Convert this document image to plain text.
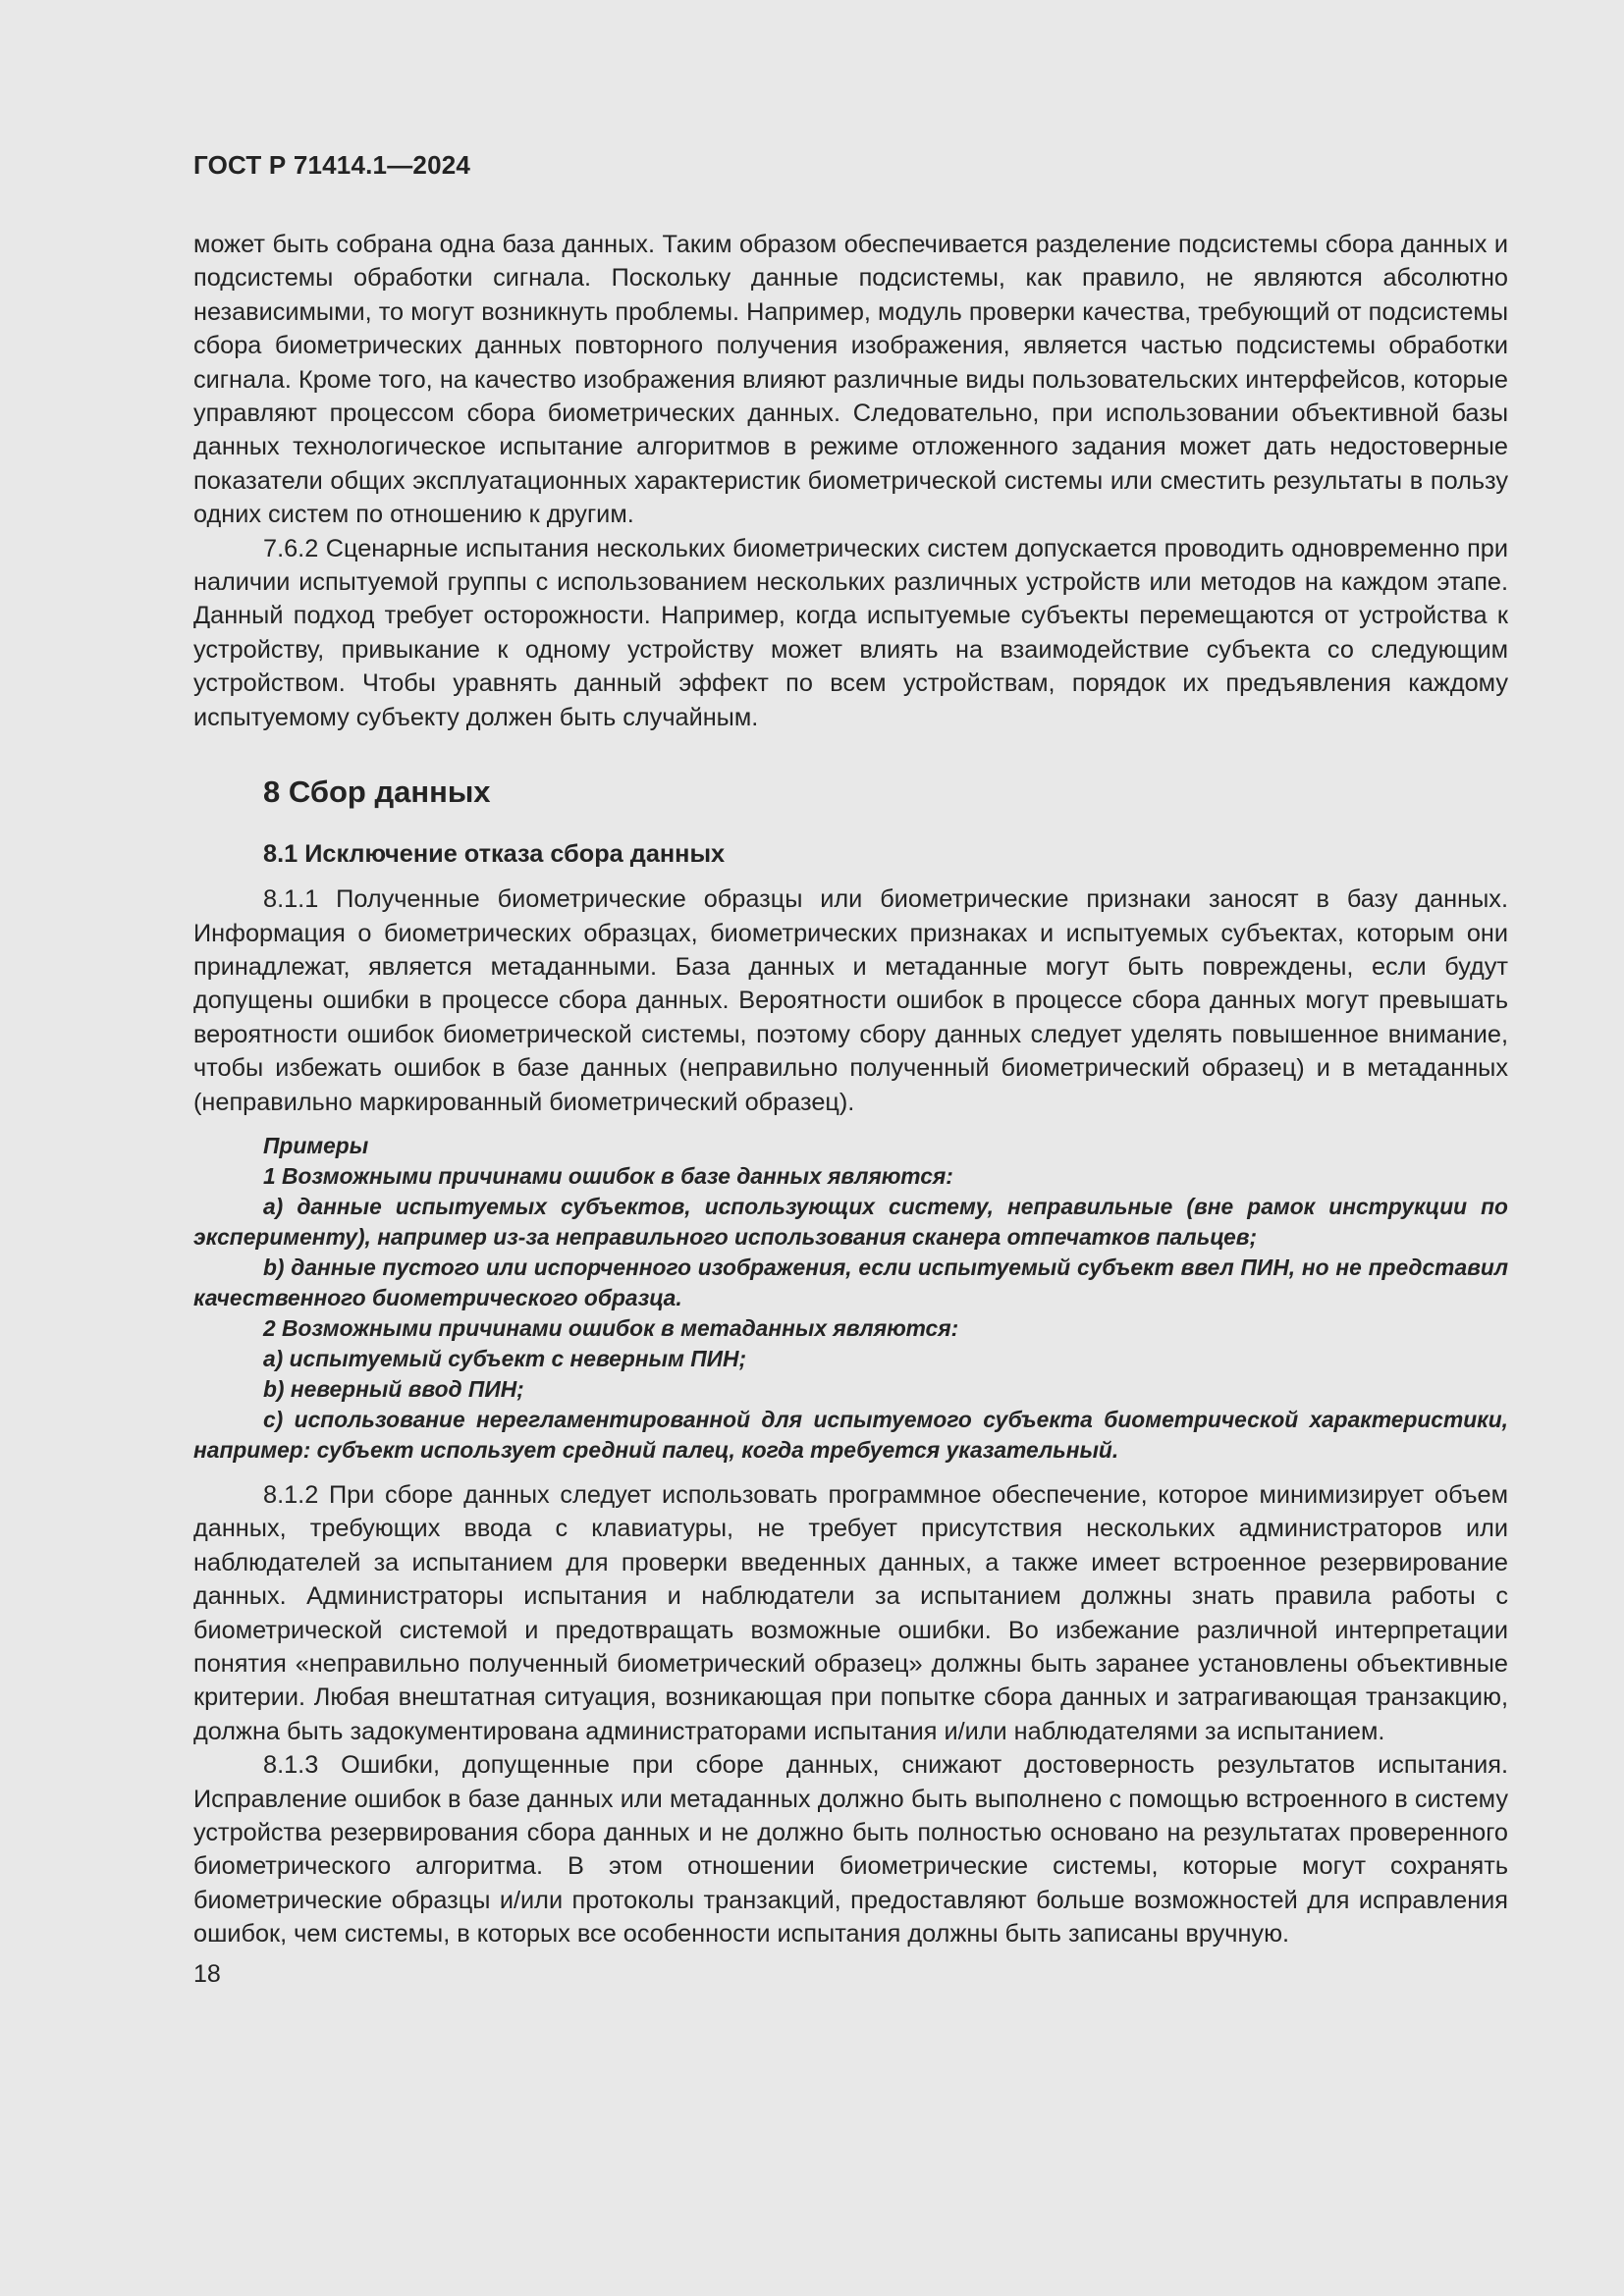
ГОСТ Р 71414.1—2024

может быть собрана одна база данных. Таким образом обеспечивается разделение подсистемы сбора данных и подсистемы обработки сигнала. Поскольку данные подсистемы, как правило, не являются абсолютно независимыми, то могут возникнуть проблемы. Например, модуль проверки качества, требующий от подсистемы сбора биометрических данных повторного получения изображения, является частью подсистемы обработки сигнала. Кроме того, на качество изображения влияют различные виды пользовательских интерфейсов, которые управляют процессом сбора биометрических данных. Следовательно, при использовании объективной базы данных технологическое испытание алгоритмов в режиме отложенного задания может дать недостоверные показатели общих эксплуатационных характеристик биометрической системы или сместить результаты в пользу одних систем по отношению к другим.

7.6.2 Сценарные испытания нескольких биометрических систем допускается проводить одновременно при наличии испытуемой группы с использованием нескольких различных устройств или методов на каждом этапе. Данный подход требует осторожности. Например, когда испытуемые субъекты перемещаются от устройства к устройству, привыкание к одному устройству может влиять на взаимодействие субъекта со следующим устройством. Чтобы уравнять данный эффект по всем устройствам, порядок их предъявления каждому испытуемому субъекту должен быть случайным.

8 Сбор данных
8.1 Исключение отказа сбора данных

8.1.1 Полученные биометрические образцы или биометрические признаки заносят в базу данных. Информация о биометрических образцах, биометрических признаках и испытуемых субъектах, которым они принадлежат, является метаданными. База данных и метаданные могут быть повреждены, если будут допущены ошибки в процессе сбора данных. Вероятности ошибок в процессе сбора данных могут превышать вероятности ошибок биометрической системы, поэтому сбору данных следует уделять повышенное внимание, чтобы избежать ошибок в базе данных (неправильно полученный биометрический образец) и в метаданных (неправильно маркированный биометрический образец).

Примеры

1 Возможными причинами ошибок в базе данных являются:

а) данные испытуемых субъектов, использующих систему, неправильные (вне рамок инструкции по эксперименту), например из-за неправильного использования сканера отпечатков пальцев;

b) данные пустого или испорченного изображения, если испытуемый субъект ввел ПИН, но не представил качественного биометрического образца.

2 Возможными причинами ошибок в метаданных являются:

а) испытуемый субъект с неверным ПИН;

b) неверный ввод ПИН;

c) использование нерегламентированной для испытуемого субъекта биометрической характеристики, например: субъект использует средний палец, когда требуется указательный.

8.1.2 При сборе данных следует использовать программное обеспечение, которое минимизирует объем данных, требующих ввода с клавиатуры, не требует присутствия нескольких администраторов или наблюдателей за испытанием для проверки введенных данных, а также имеет встроенное резервирование данных. Администраторы испытания и наблюдатели за испытанием должны знать правила работы с биометрической системой и предотвращать возможные ошибки. Во избежание различной интерпретации понятия «неправильно полученный биометрический образец» должны быть заранее установлены объективные критерии. Любая внештатная ситуация, возникающая при попытке сбора данных и затрагивающая транзакцию, должна быть задокументирована администраторами испытания и/или наблюдателями за испытанием.

8.1.3 Ошибки, допущенные при сборе данных, снижают достоверность результатов испытания. Исправление ошибок в базе данных или метаданных должно быть выполнено с помощью встроенного в систему устройства резервирования сбора данных и не должно быть полностью основано на результатах проверенного биометрического алгоритма. В этом отношении биометрические системы, которые могут сохранять биометрические образцы и/или протоколы транзакций, предоставляют больше возможностей для исправления ошибок, чем системы, в которых все особенности испытания должны быть записаны вручную.

18
